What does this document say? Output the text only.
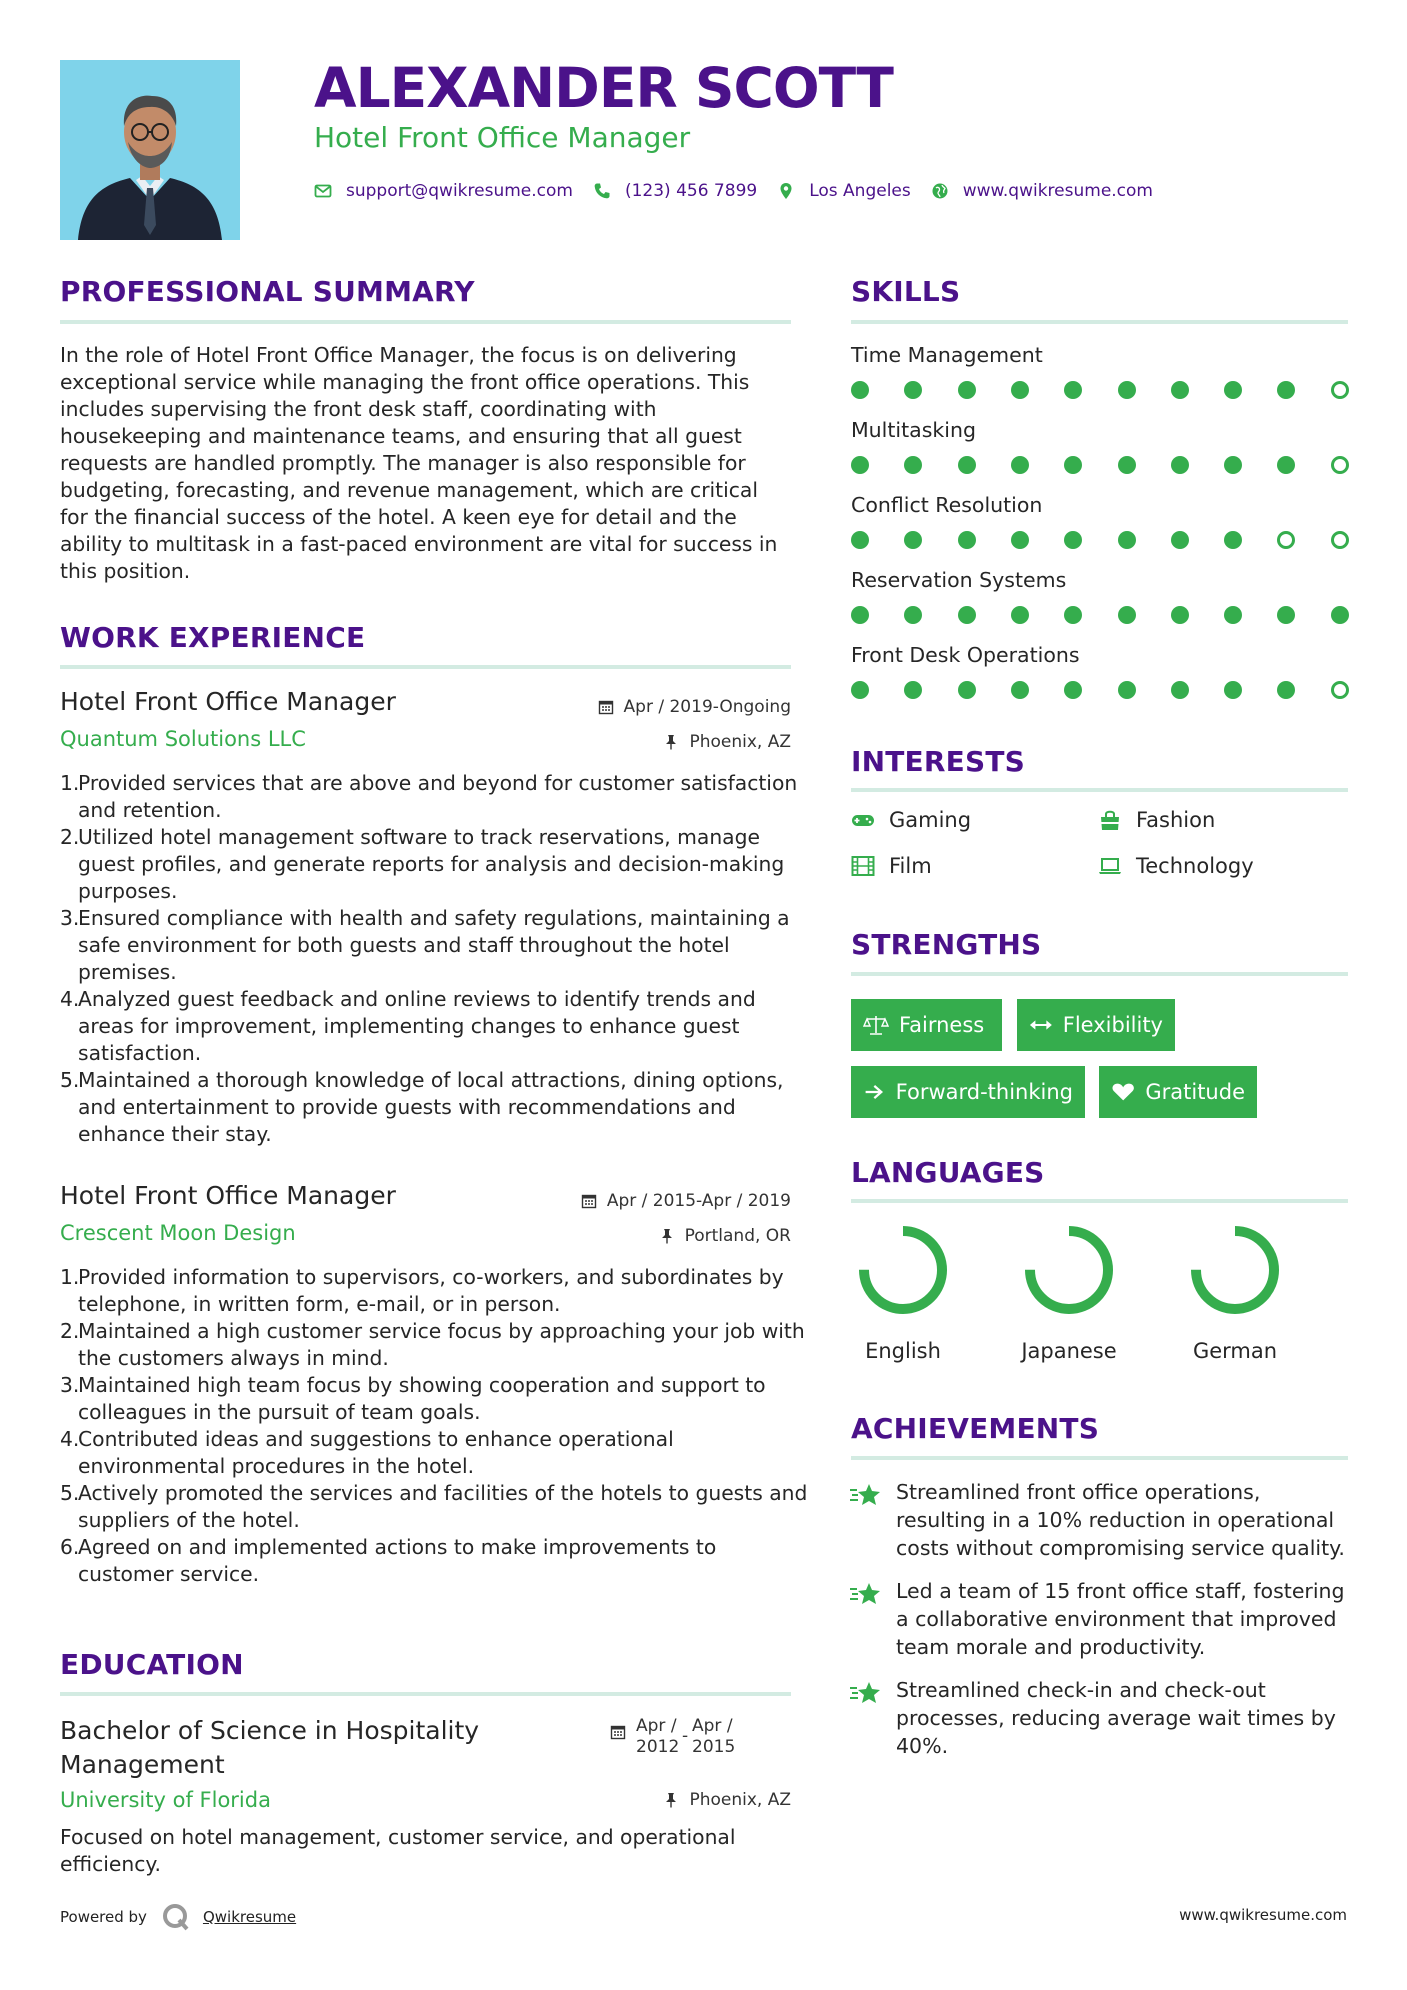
ALEXANDER SCOTT
Hotel Front Office Manager
support@qwikresume.com	(123) 456 7899	Los Angeles	www.qwikresume.com
PROFESSIONAL SUMMARY
In the role of Hotel Front Office Manager, the focus is on delivering exceptional service while managing the front office operations. This includes supervising the front desk staff, coordinating with housekeeping and maintenance teams, and ensuring that all guest requests are handled promptly. The manager is also responsible for budgeting, forecasting, and revenue management, which are critical for the financial success of the hotel. A keen eye for detail and the ability to multitask in a fast-paced environment are vital for success in this position.
WORK EXPERIENCE
Hotel Front Office Manager	Apr / 2019-Ongoing
Quantum Solutions LLC	Phoenix, AZ
1.
Provided services that are above and beyond for customer satisfaction and retention.
2.
Utilized hotel management software to track reservations, manage guest profiles, and generate reports for analysis and decision-making purposes.
3.
Ensured compliance with health and safety regulations, maintaining a safe environment for both guests and staff throughout the hotel premises.
4.
Analyzed guest feedback and online reviews to identify trends and areas for improvement, implementing changes to enhance guest satisfaction.
5.
Maintained a thorough knowledge of local attractions, dining options, and entertainment to provide guests with recommendations and enhance their stay.
Hotel Front Office Manager	Apr / 2015-Apr / 2019
Crescent Moon Design	Portland, OR
1.
Provided information to supervisors, co-workers, and subordinates by telephone, in written form, e-mail, or in person.
2.
Maintained a high customer service focus by approaching your job with the customers always in mind.
3.
Maintained high team focus by showing cooperation and support to colleagues in the pursuit of team goals.
4.
Contributed ideas and suggestions to enhance operational environmental procedures in the hotel.
5.
Actively promoted the services and facilities of the hotels to guests and suppliers of the hotel.
6.
Agreed on and implemented actions to make improvements to customer service.
EDUCATION
Bachelor of Science in Hospitality
Management
Apr /
2012
- Apr /
2015
University of Florida	Phoenix, AZ
Focused on hotel management, customer service, and operational efficiency.
SKILLS
Time Management
Multitasking
Conflict Resolution
Reservation Systems
Front Desk Operations
INTERESTS
Gaming	Fashion
Film	Technology
STRENGTHS
Fairness	Flexibility
Forward-thinking	Gratitude
LANGUAGES
English	Japanese	German
ACHIEVEMENTS
Streamlined front office operations, resulting in a 10% reduction in operational costs without compromising service quality.
Led a team of 15 front office staff, fostering a collaborative environment that improved team morale and productivity.
Streamlined check-in and check-out processes, reducing average wait times by 40%.
Powered by	Qwikresume	www.qwikresume.com
